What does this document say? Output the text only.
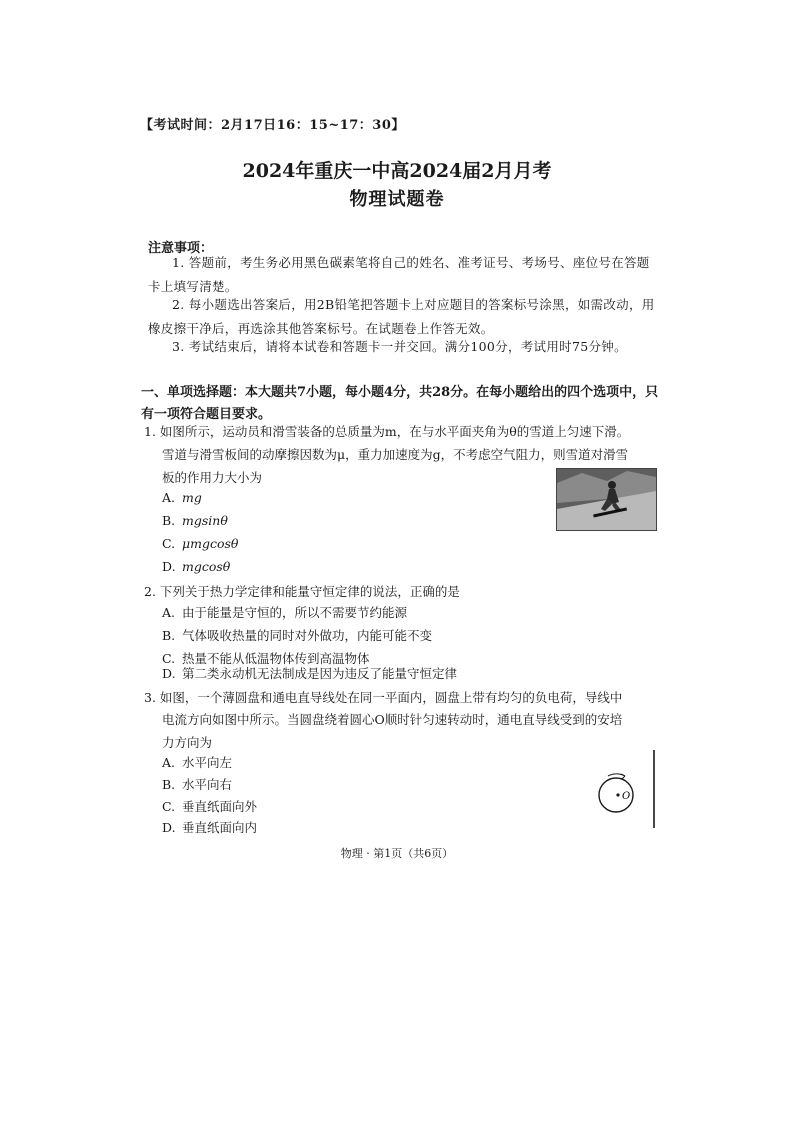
【考试时间：2月17日16：15~17：30】
2024年重庆一中高2024届2月月考
物理试题卷
注意事项：
1. 答题前，考生务必用黑色碳素笔将自己的姓名、准考证号、考场号、座位号在答题卡上填写清楚。
2. 每小题选出答案后，用2B铅笔把答题卡上对应题目的答案标号涂黑，如需改动，用橡皮擦干净后，再选涂其他答案标号。在试题卷上作答无效。
3. 考试结束后，请将本试卷和答题卡一并交回。满分100分，考试用时75分钟。
一、单项选择题：本大题共7小题，每小题4分，共28分。在每小题给出的四个选项中，只有一项符合题目要求。
1. 如图所示，运动员和滑雪装备的总质量为m，在与水平面夹角为θ的雪道上匀速下滑。
雪道与滑雪板间的动摩擦因数为μ，重力加速度为g，不考虑空气阻力，则雪道对滑雪
板的作用力大小为
A. mg
B. mgsinθ
C. μmgcosθ
D. mgcosθ
2. 下列关于热力学定律和能量守恒定律的说法，正确的是
A. 由于能量是守恒的，所以不需要节约能源
B. 气体吸收热量的同时对外做功，内能可能不变
C. 热量不能从低温物体传到高温物体
D. 第二类永动机无法制成是因为违反了能量守恒定律
3. 如图，一个薄圆盘和通电直导线处在同一平面内，圆盘上带有均匀的负电荷，导线中
电流方向如图中所示。当圆盘绕着圆心O顺时针匀速转动时，通电直导线受到的安培
力方向为
A. 水平向左
B. 水平向右
C. 垂直纸面向外
D. 垂直纸面向内
O
物理 · 第1页（共6页）
